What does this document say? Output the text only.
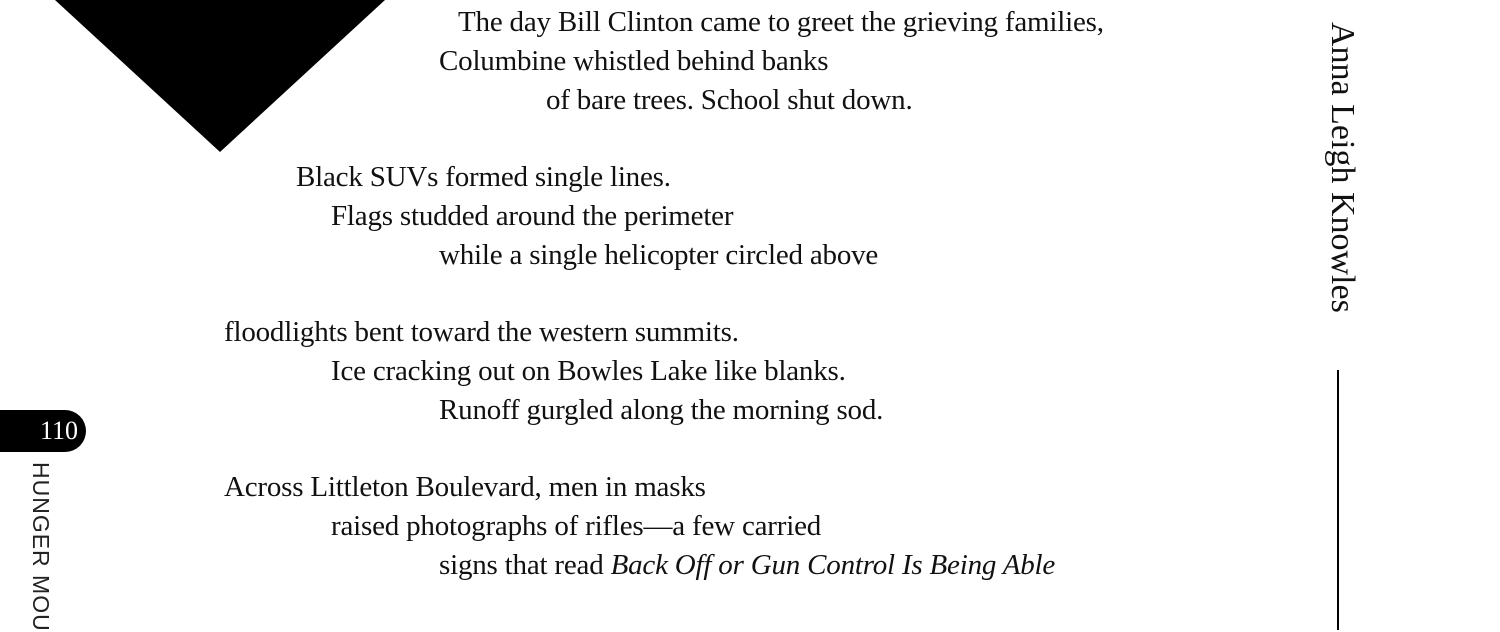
The day Bill Clinton came to greet the grieving families,
Columbine whistled behind banks
of bare trees. School shut down.
Black SUVs formed single lines.
Flags studded around the perimeter
while a single helicopter circled above
floodlights bent toward the western summits.
Ice cracking out on Bowles Lake like blanks.
Runoff gurgled along the morning sod.
Across Littleton Boulevard, men in masks
raised photographs of rifles—a few carried
signs that read Back Off or Gun Control Is Being Able
110
HUNGER MOU
Anna Leigh Knowles
